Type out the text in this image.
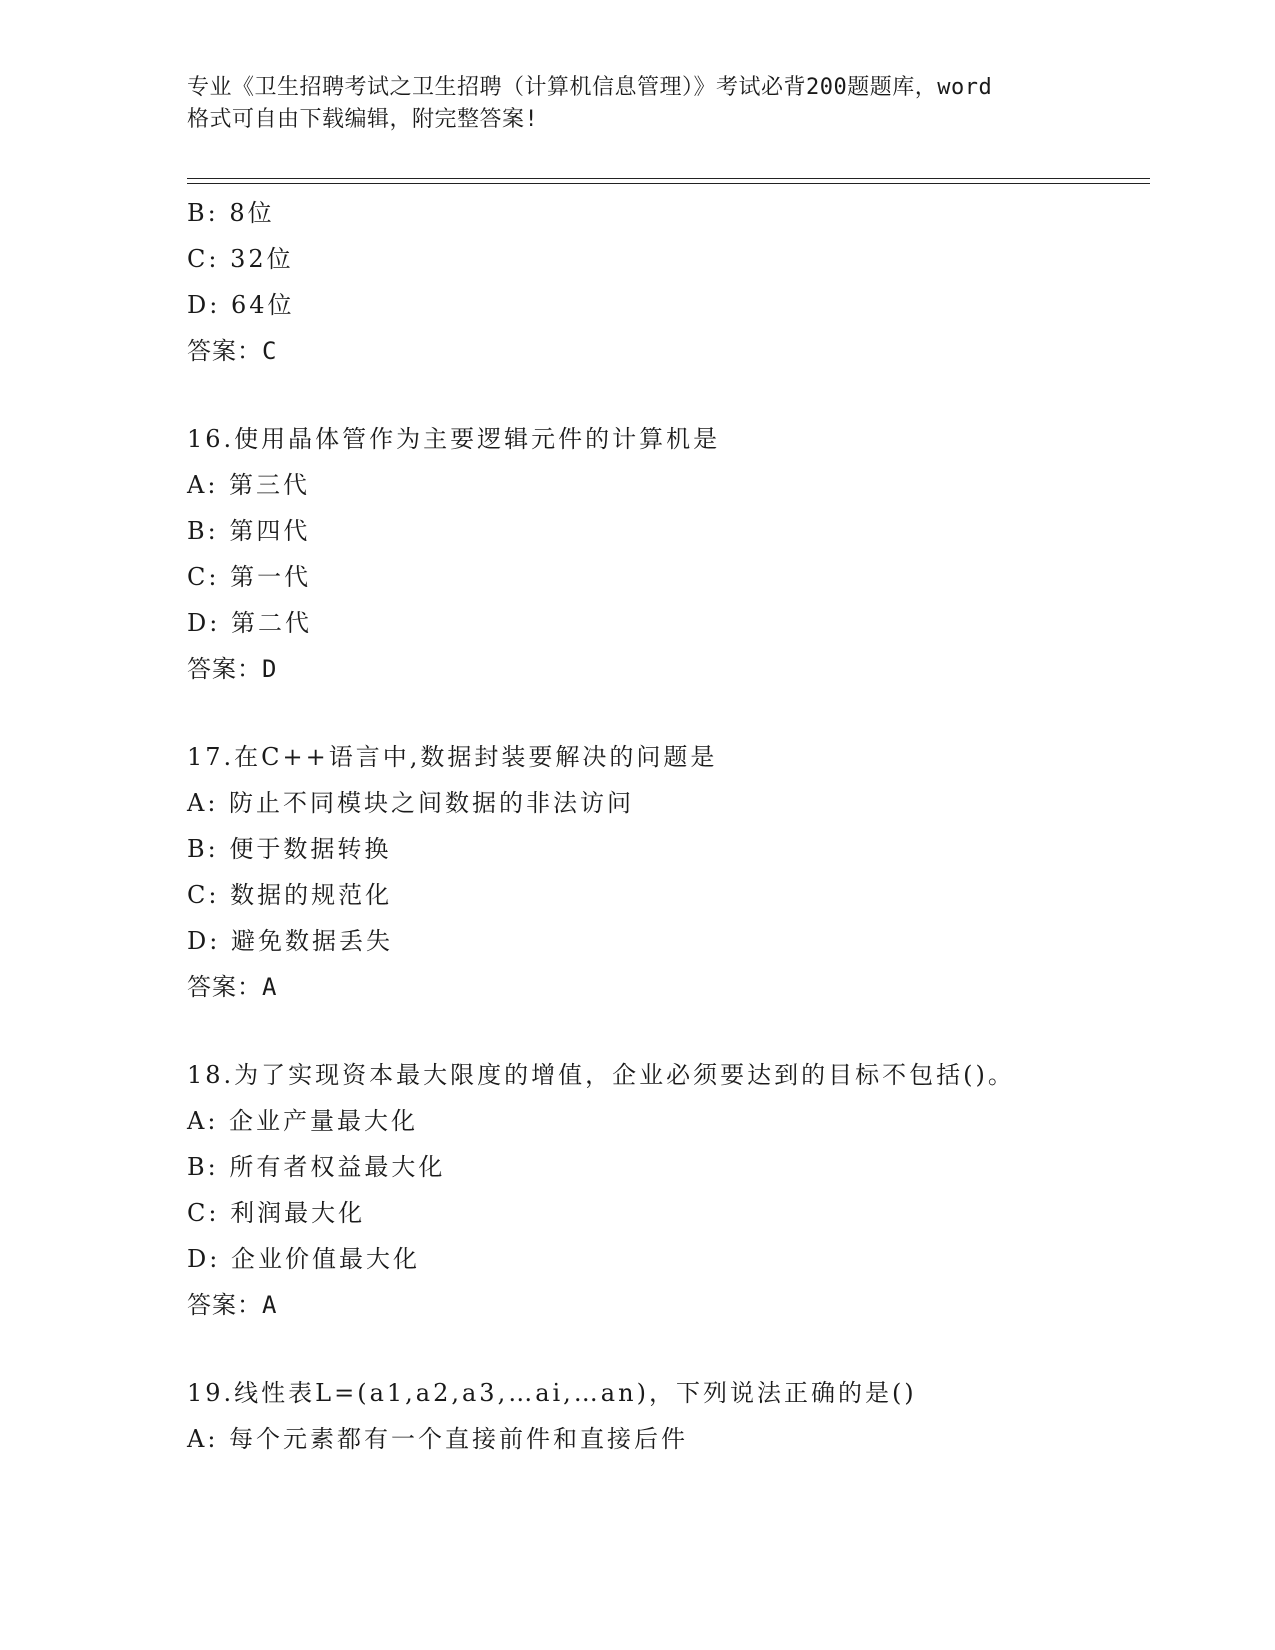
专业《卫生招聘考试之卫生招聘（计算机信息管理）》考试必背200题题库，word
格式可自由下载编辑，附完整答案!
B: 8位
C: 32位
D: 64位
答案：C
16.使用晶体管作为主要逻辑元件的计算机是
A: 第三代
B: 第四代
C: 第一代
D: 第二代
答案：D
17.在C++语言中,数据封装要解决的问题是
A: 防止不同模块之间数据的非法访问
B: 便于数据转换
C: 数据的规范化
D: 避免数据丢失
答案：A
18.为了实现资本最大限度的增值，企业必须要达到的目标不包括()。
A: 企业产量最大化
B: 所有者权益最大化
C: 利润最大化
D: 企业价值最大化
答案：A
19.线性表L=(a1,a2,a3,…ai,…an)，下列说法正确的是()
A: 每个元素都有一个直接前件和直接后件
